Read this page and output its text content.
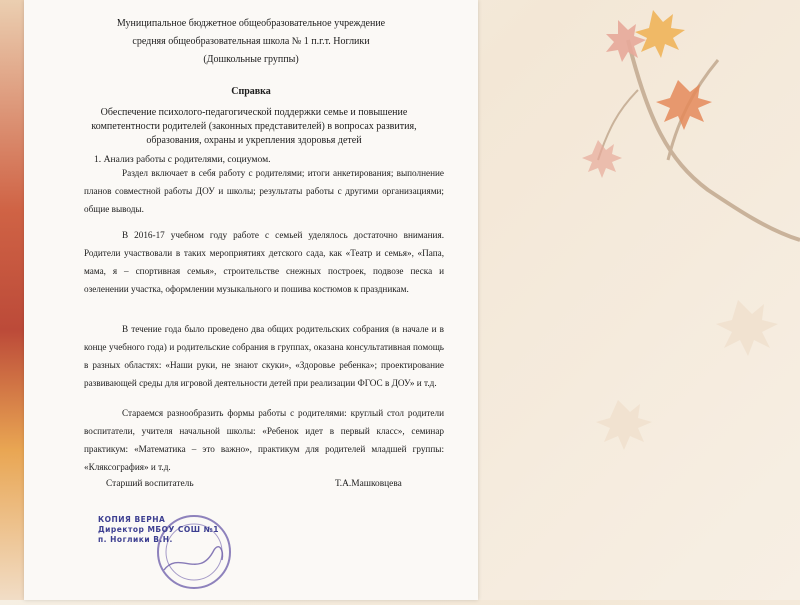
Муниципальное бюджетное общеобразовательное учреждение
средняя общеобразовательная школа № 1 п.г.т. Ноглики
(Дошкольные группы)
Справка
Обеспечение психолого-педагогической поддержки семье и повышение компетентности родителей (законных представителей) в вопросах развития, образования, охраны и укрепления здоровья детей
1. Анализ работы с родителями, социумом.
Раздел включает в себя работу с родителями; итоги анкетирования; выполнение планов совместной работы ДОУ и школы; результаты работы с другими организациями; общие выводы.
В 2016-17 учебном году работе с семьей уделялось достаточно внимания. Родители участвовали в таких мероприятиях детского сада, как «Театр и семья», «Папа, мама, я – спортивная семья», строительстве снежных построек, подвозе песка и озеленении участка, оформлении музыкального и пошива костюмов к праздникам.
В течение года было проведено два общих родительских собрания (в начале и в конце учебного года) и родительские собрания в группах, оказана консультативная помощь в разных областях: «Наши руки, не знают скуки», «Здоровье ребенка»; проектирование развивающей среды для игровой деятельности детей при реализации ФГОС в ДОУ» и т.д.
Стараемся разнообразить формы работы с родителями: круглый стол родители воспитатели, учителя начальной школы: «Ребенок идет в первый класс», семинар практикум: «Математика – это важно», практикум для родителей младшей группы: «Кляксография» и т.д.
Старший воспитатель	Т.А.Машковцева
КОПИЯ ВЕРНА
Директор МБОУ СОШ №1
п. Ноглики В.Н.
